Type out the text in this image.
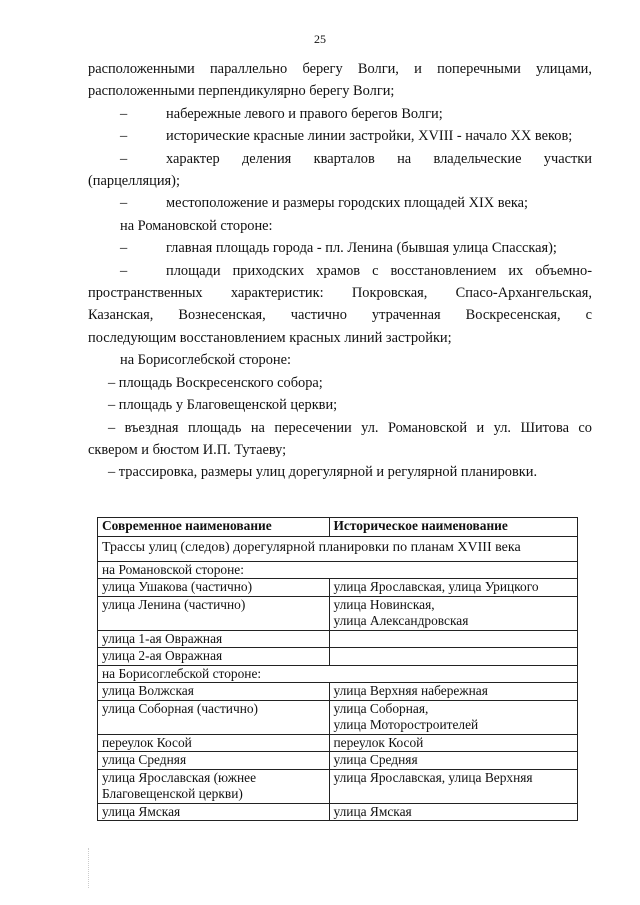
25

расположенными параллельно берегу Волги, и поперечными улицами,

расположенными перпендикулярно берегу Волги;

–	набережные левого и правого берегов Волги;

–	исторические красные линии застройки, XVIII - начало XX веков;

–	характер деления кварталов на владельческие участки

(парцелляция);

–	местоположение и размеры городских площадей XIX века;

на Романовской стороне:

–	главная площадь города - пл. Ленина (бывшая улица Спасская);

–	площади приходских храмов с восстановлением их объемно-

пространственных характеристик: Покровская, Спасо-Архангельская,

Казанская, Вознесенская, частично утраченная Воскресенская, с

последующим восстановлением красных линий застройки;

на Борисоглебской стороне:

– площадь Воскресенского собора;

– площадь у Благовещенской церкви;

– въездная площадь на пересечении ул. Романовской и ул. Шитова со

сквером и бюстом И.П. Тутаеву;

– трассировка, размеры улиц дорегулярной и регулярной планировки.

Современное наименование	Историческое наименование
Трассы улиц (следов) дорегулярной планировки по планам XVIII века	
на Романовской стороне:	
улица Ушакова (частично)	улица Ярославская, улица Урицкого
улица Ленина (частично)	улица Новинская,
улица Александровская

улица 1-ая Овражная	
улица 2-ая Овражная	
на Борисоглебской стороне:	
улица Волжская	улица Верхняя набережная
улица Соборная (частично)	улица Соборная,
улица Моторостроителей

переулок Косой	переулок Косой
улица Средняя	улица Средняя

улица Ярославская (южнее
Благовещенской церкви)	улица Ярославская, улица Верхняя
улица Ямская	улица Ямская
